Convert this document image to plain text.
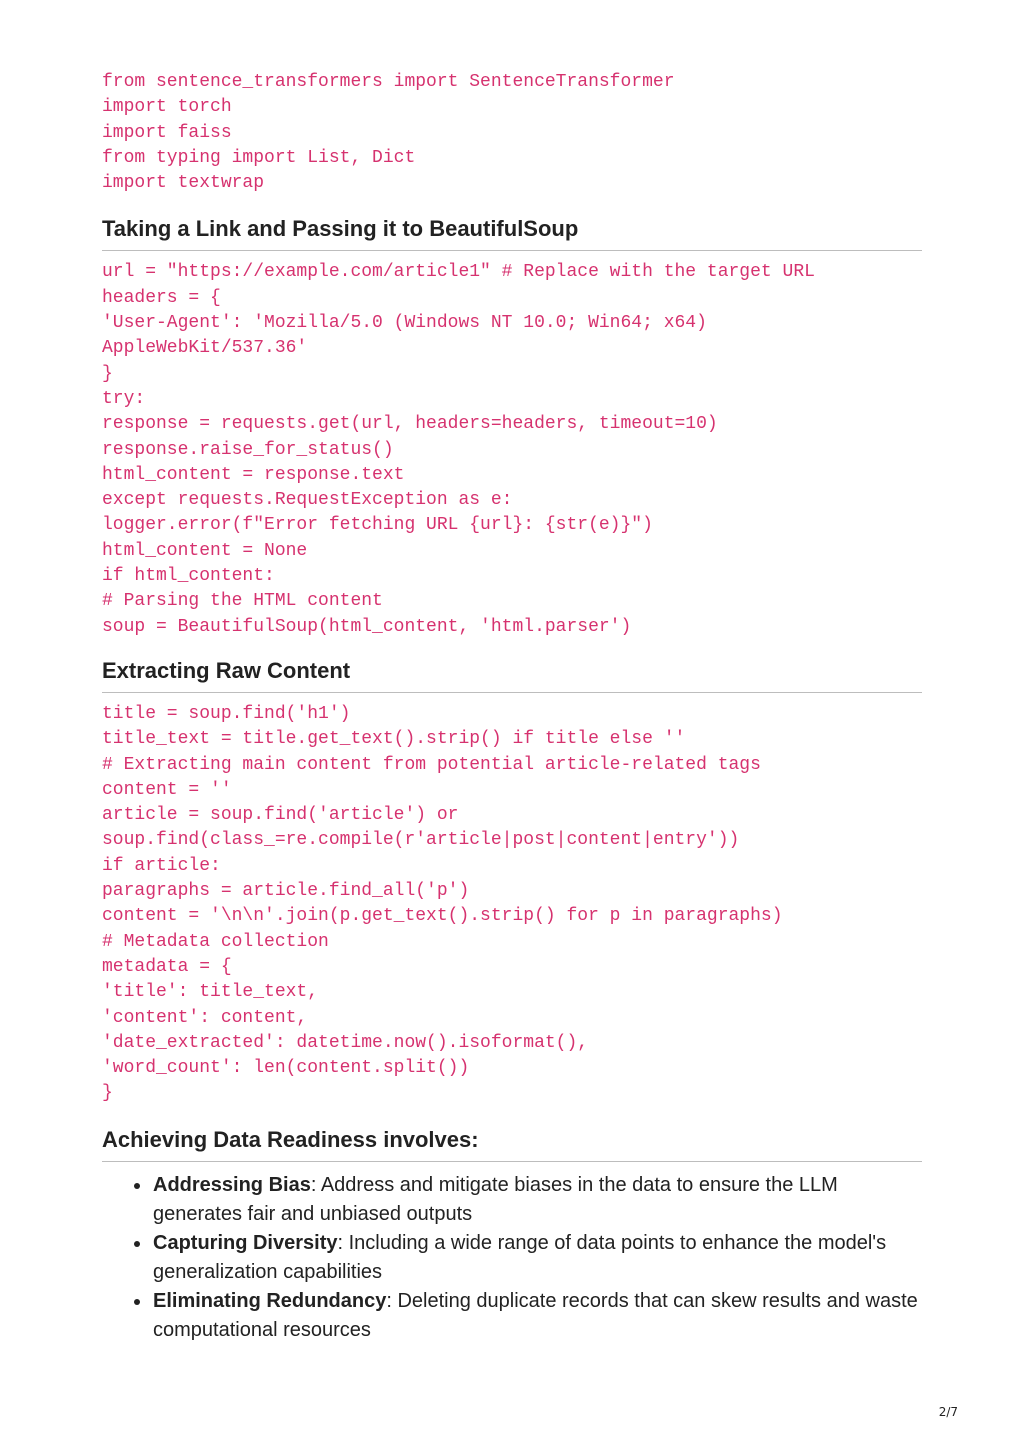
from sentence_transformers import SentenceTransformer
import torch
import faiss
from typing import List, Dict
import textwrap
Taking a Link and Passing it to BeautifulSoup
url = "https://example.com/article1" # Replace with the target URL
headers = {
'User-Agent': 'Mozilla/5.0 (Windows NT 10.0; Win64; x64)
AppleWebKit/537.36'
}
try:
response = requests.get(url, headers=headers, timeout=10)
response.raise_for_status()
html_content = response.text
except requests.RequestException as e:
logger.error(f"Error fetching URL {url}: {str(e)}")
html_content = None
if html_content:
# Parsing the HTML content
soup = BeautifulSoup(html_content, 'html.parser')
Extracting Raw Content
title = soup.find('h1')
title_text = title.get_text().strip() if title else ''
# Extracting main content from potential article-related tags
content = ''
article = soup.find('article') or
soup.find(class_=re.compile(r'article|post|content|entry'))
if article:
paragraphs = article.find_all('p')
content = '\n\n'.join(p.get_text().strip() for p in paragraphs)
# Metadata collection
metadata = {
'title': title_text,
'content': content,
'date_extracted': datetime.now().isoformat(),
'word_count': len(content.split())
}
Achieving Data Readiness involves:
Addressing Bias: Address and mitigate biases in the data to ensure the LLM generates fair and unbiased outputs
Capturing Diversity: Including a wide range of data points to enhance the model's generalization capabilities
Eliminating Redundancy: Deleting duplicate records that can skew results and waste computational resources
2/7
